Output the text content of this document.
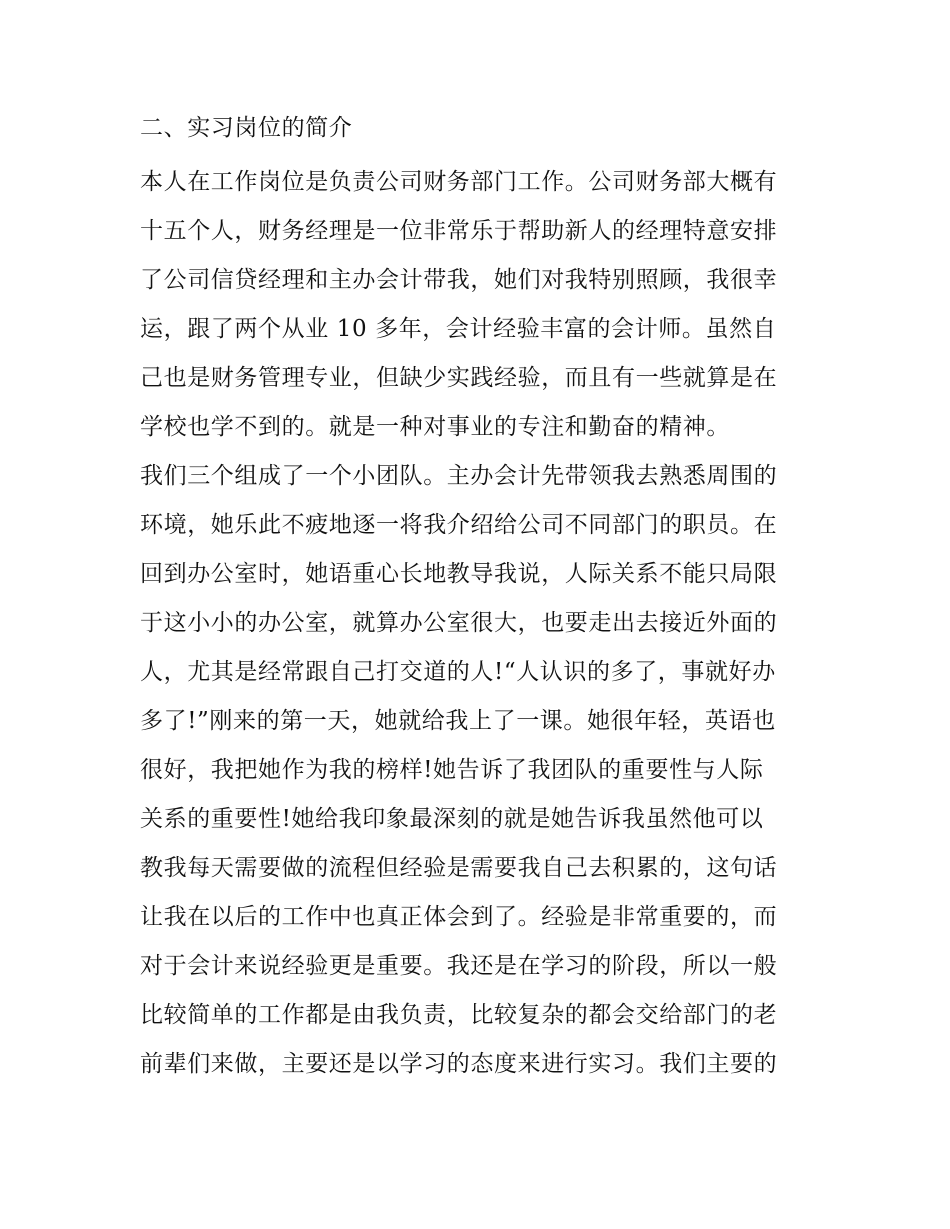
二、实习岗位的简介
本人在工作岗位是负责公司财务部门工作。公司财务部大概有
十五个人，财务经理是一位非常乐于帮助新人的经理特意安排
了公司信贷经理和主办会计带我，她们对我特别照顾，我很幸
运，跟了两个从业 10 多年，会计经验丰富的会计师。虽然自
己也是财务管理专业，但缺少实践经验，而且有一些就算是在
学校也学不到的。就是一种对事业的专注和勤奋的精神。
我们三个组成了一个小团队。主办会计先带领我去熟悉周围的
环境，她乐此不疲地逐一将我介绍给公司不同部门的职员。在
回到办公室时，她语重心长地教导我说，人际关系不能只局限
于这小小的办公室，就算办公室很大，也要走出去接近外面的
人，尤其是经常跟自己打交道的人!“人认识的多了，事就好办
多了!”刚来的第一天，她就给我上了一课。她很年轻，英语也
很好，我把她作为我的榜样!她告诉了我团队的重要性与人际
关系的重要性!她给我印象最深刻的就是她告诉我虽然他可以
教我每天需要做的流程但经验是需要我自己去积累的，这句话
让我在以后的工作中也真正体会到了。经验是非常重要的，而
对于会计来说经验更是重要。我还是在学习的阶段，所以一般
比较简单的工作都是由我负责，比较复杂的都会交给部门的老
前辈们来做，主要还是以学习的态度来进行实习。我们主要的
